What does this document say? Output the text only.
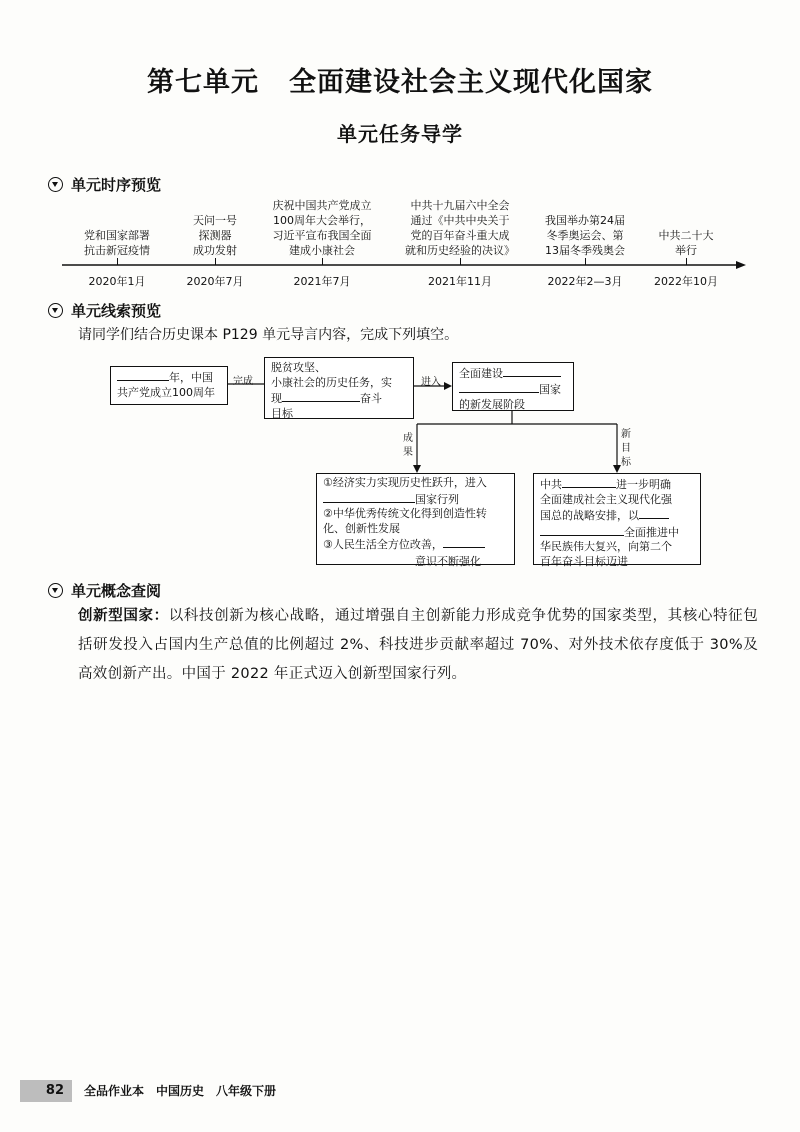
第七单元 全面建设社会主义现代化国家
单元任务导学
单元时序预览
党和国家部署
抗击新冠疫情
2020年1月
天问一号
探测器
成功发射
2020年7月
庆祝中国共产党成立
100周年大会举行，
习近平宣布我国全面
建成小康社会
2021年7月
中共十九届六中全会
通过《中共中央关于
党的百年奋斗重大成
就和历史经验的决议》
2021年11月
我国举办第24届
冬季奥运会、第
13届冬季残奥会
2022年2—3月
中共二十大
举行
2022年10月
单元线索预览
请同学们结合历史课本 P129 单元导言内容，完成下列填空。
完成	进入
成果
新目标
年，中国
共产党成立100周年
脱贫攻坚、
小康社会的历史任务，实
现	奋斗
目标
全面建设
国家
的新发展阶段
①经济实力实现历史性跃升，进入
国家行列
②中华优秀传统文化得到创造性转
化、创新性发展
③人民生活全方位改善，
意识不断强化
中共	进一步明确
全面建成社会主义现代化强
国总的战略安排，以
全面推进中
华民族伟大复兴，向第二个
百年奋斗目标迈进
单元概念查阅
创新型国家：以科技创新为核心战略，通过增强自主创新能力形成竞争优势的国家类型，其核心特征包括研发投入占国内生产总值的比例超过 2%、科技进步贡献率超过 70%、对外技术依存度低于 30%及高效创新产出。中国于 2022 年正式迈入创新型国家行列。
82	全品作业本 中国历史 八年级下册
